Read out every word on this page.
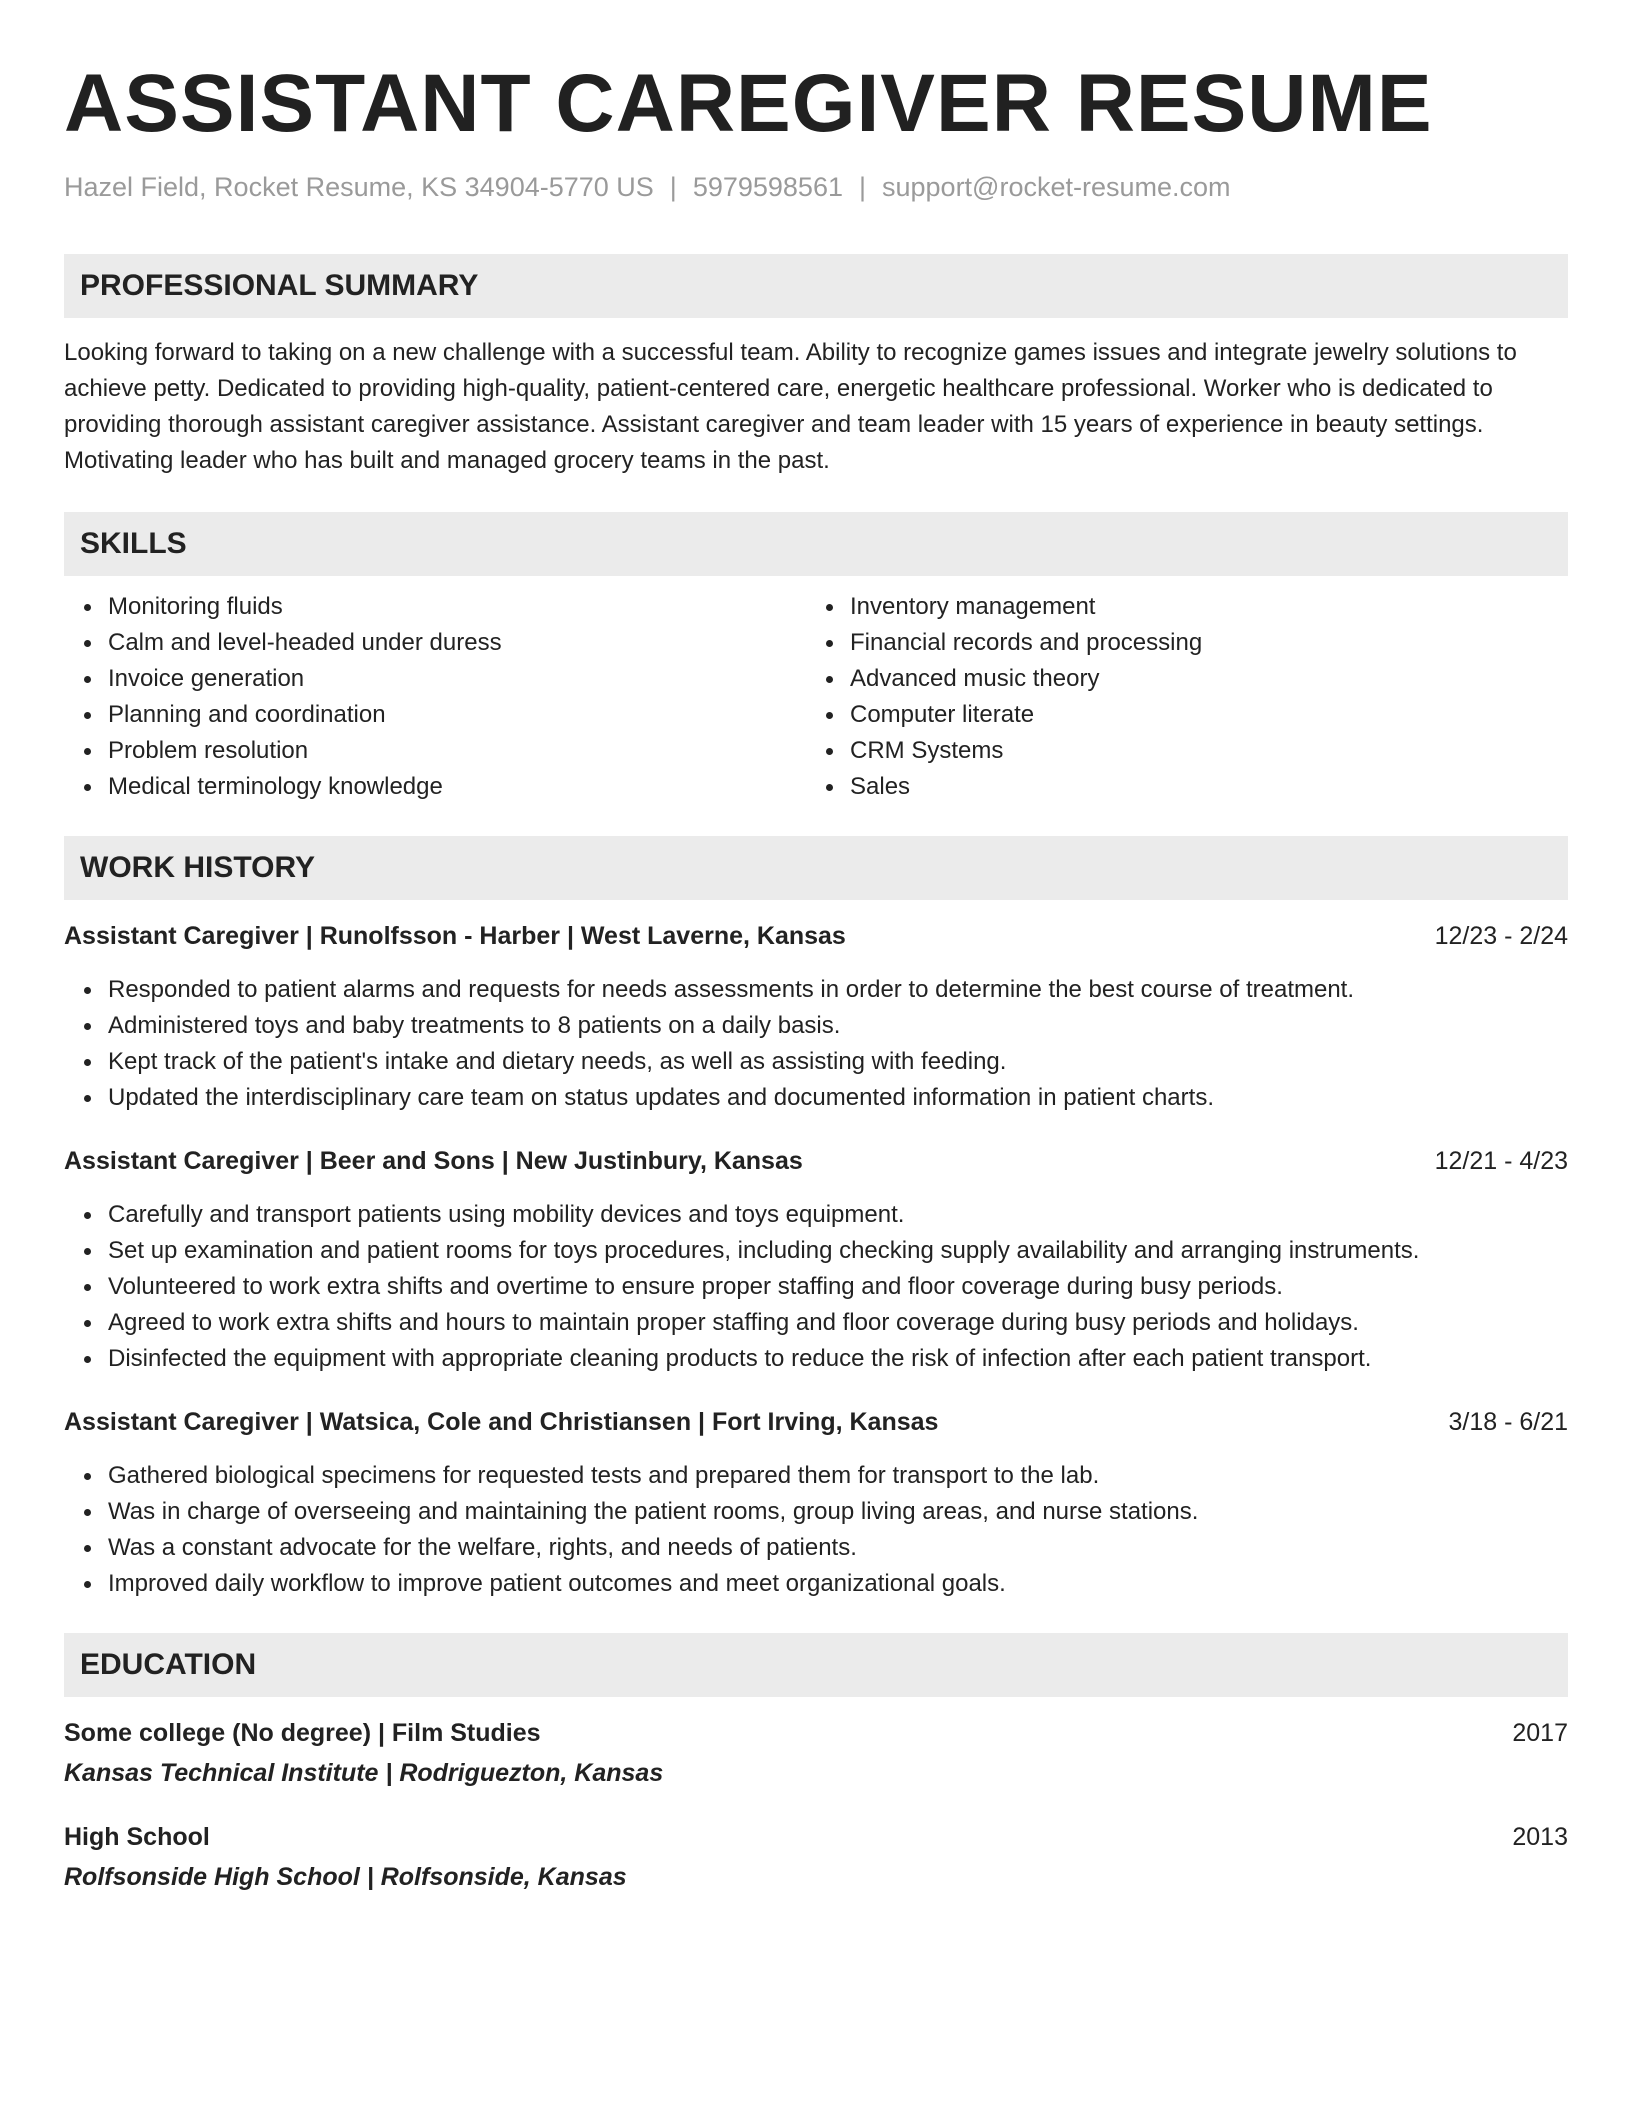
ASSISTANT CAREGIVER RESUME
Hazel Field, Rocket Resume, KS 34904-5770 US | 5979598561 | support@rocket-resume.com
PROFESSIONAL SUMMARY

Looking forward to taking on a new challenge with a successful team. Ability to recognize games issues and integrate jewelry solutions to achieve petty. Dedicated to providing high-quality, patient-centered care, energetic healthcare professional. Worker who is dedicated to providing thorough assistant caregiver assistance. Assistant caregiver and team leader with 15 years of experience in beauty settings. Motivating leader who has built and managed grocery teams in the past.

SKILLS
Monitoring fluids
Calm and level-headed under duress
Invoice generation
Planning and coordination
Problem resolution
Medical terminology knowledge
Inventory management
Financial records and processing
Advanced music theory
Computer literate
CRM Systems
Sales
WORK HISTORY
Assistant Caregiver | Runolfsson - Harber | West Laverne, Kansas	12/23 - 2/24
Responded to patient alarms and requests for needs assessments in order to determine the best course of treatment.
Administered toys and baby treatments to 8 patients on a daily basis.
Kept track of the patient's intake and dietary needs, as well as assisting with feeding.
Updated the interdisciplinary care team on status updates and documented information in patient charts.
Assistant Caregiver | Beer and Sons | New Justinbury, Kansas	12/21 - 4/23
Carefully and transport patients using mobility devices and toys equipment.
Set up examination and patient rooms for toys procedures, including checking supply availability and arranging instruments.
Volunteered to work extra shifts and overtime to ensure proper staffing and floor coverage during busy periods.
Agreed to work extra shifts and hours to maintain proper staffing and floor coverage during busy periods and holidays.
Disinfected the equipment with appropriate cleaning products to reduce the risk of infection after each patient transport.
Assistant Caregiver | Watsica, Cole and Christiansen | Fort Irving, Kansas	3/18 - 6/21
Gathered biological specimens for requested tests and prepared them for transport to the lab.
Was in charge of overseeing and maintaining the patient rooms, group living areas, and nurse stations.
Was a constant advocate for the welfare, rights, and needs of patients.
Improved daily workflow to improve patient outcomes and meet organizational goals.
EDUCATION
Some college (No degree) | Film Studies	2017
Kansas Technical Institute | Rodriguezton, Kansas
High School	2013
Rolfsonside High School | Rolfsonside, Kansas
